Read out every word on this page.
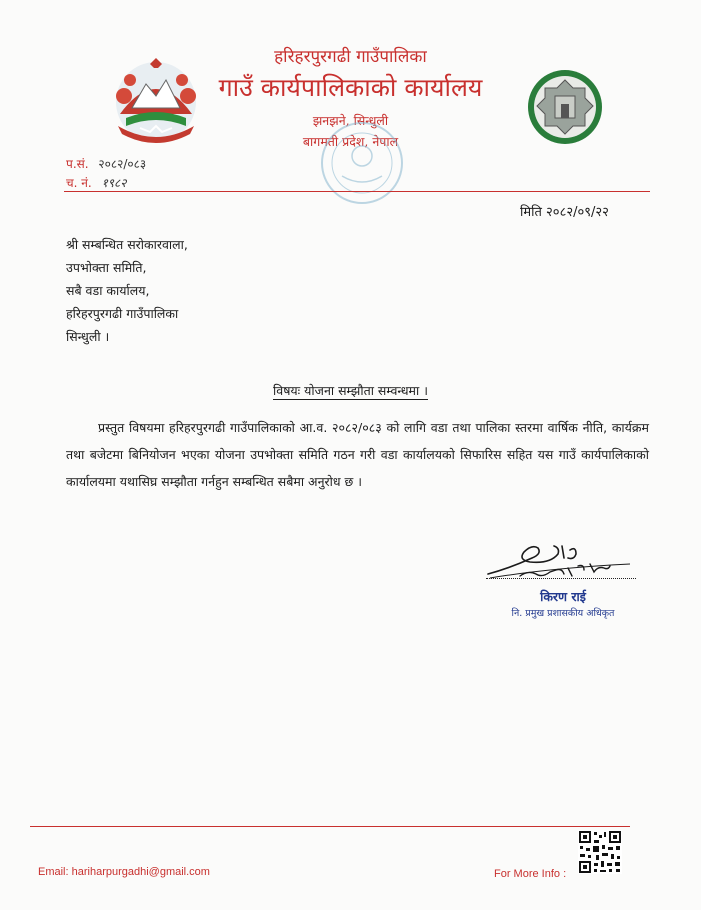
हरिहरपुरगढी गाउँपालिका
गाउँ कार्यपालिकाको कार्यालय
झनझने, सिन्धुली
बागमती प्रदेश, नेपाल
प.सं. २०८२/०८३
च. नं. १९८२
मिति २०८२/०९/२२
श्री सम्बन्धित सरोकारवाला,
उपभोक्ता समिति,
सबै वडा कार्यालय,
हरिहरपुरगढी गाउँपालिका
सिन्धुली ।
विषयः योजना सम्झौता सम्वन्धमा ।

प्रस्तुत विषयमा हरिहरपुरगढी गाउँपालिकाको आ.व. २०८२/०८३ को लागि वडा तथा पालिका स्तरमा वार्षिक नीति, कार्यक्रम तथा बजेटमा बिनियोजन भएका योजना उपभोक्ता समिति गठन गरी वडा कार्यालयको सिफारिस सहित यस गाउँ कार्यपालिकाको कार्यालयमा यथासिघ्र सम्झौता गर्नहुन सम्बन्धित सबैमा अनुरोध छ ।

किरण राई
नि. प्रमुख प्रशासकीय अधिकृत
Email: hariharpurgadhi@gmail.com	For More Info :
